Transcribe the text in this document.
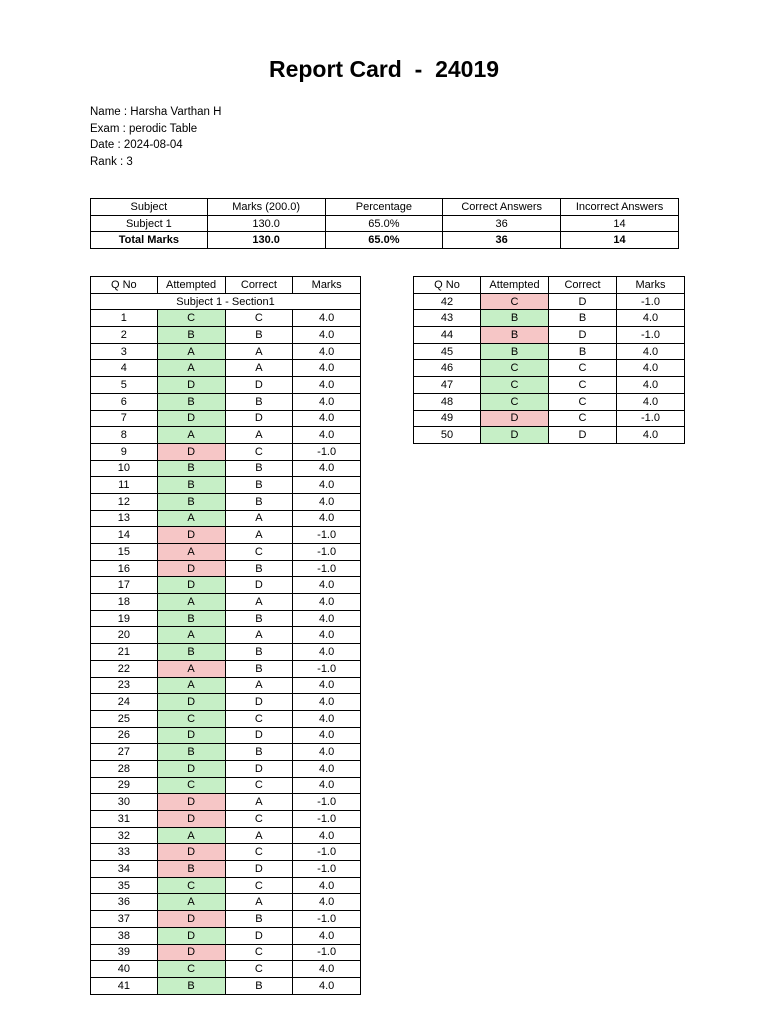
Report Card  -  24019
Name : Harsha Varthan H
Exam : perodic Table
Date : 2024-08-04
Rank : 3
Subject	Marks (200.0)	Percentage	Correct Answers	Incorrect Answers
Subject 1	130.0	65.0%	36	14
Total Marks	130.0	65.0%	36	14
Q No	Attempted	Correct	Marks
Subject 1 - Section1			
1	C	C	4.0
2	B	B	4.0
3	A	A	4.0
4	A	A	4.0
5	D	D	4.0
6	B	B	4.0
7	D	D	4.0
8	A	A	4.0
9	D	C	-1.0
10	B	B	4.0
11	B	B	4.0
12	B	B	4.0
13	A	A	4.0
14	D	A	-1.0
15	A	C	-1.0
16	D	B	-1.0
17	D	D	4.0
18	A	A	4.0
19	B	B	4.0
20	A	A	4.0
21	B	B	4.0
22	A	B	-1.0
23	A	A	4.0
24	D	D	4.0
25	C	C	4.0
26	D	D	4.0
27	B	B	4.0
28	D	D	4.0
29	C	C	4.0
30	D	A	-1.0
31	D	C	-1.0
32	A	A	4.0
33	D	C	-1.0
34	B	D	-1.0
35	C	C	4.0
36	A	A	4.0
37	D	B	-1.0
38	D	D	4.0
39	D	C	-1.0
40	C	C	4.0
41	B	B	4.0
Q No	Attempted	Correct	Marks
42	C	D	-1.0
43	B	B	4.0
44	B	D	-1.0
45	B	B	4.0
46	C	C	4.0
47	C	C	4.0
48	C	C	4.0
49	D	C	-1.0
50	D	D	4.0
